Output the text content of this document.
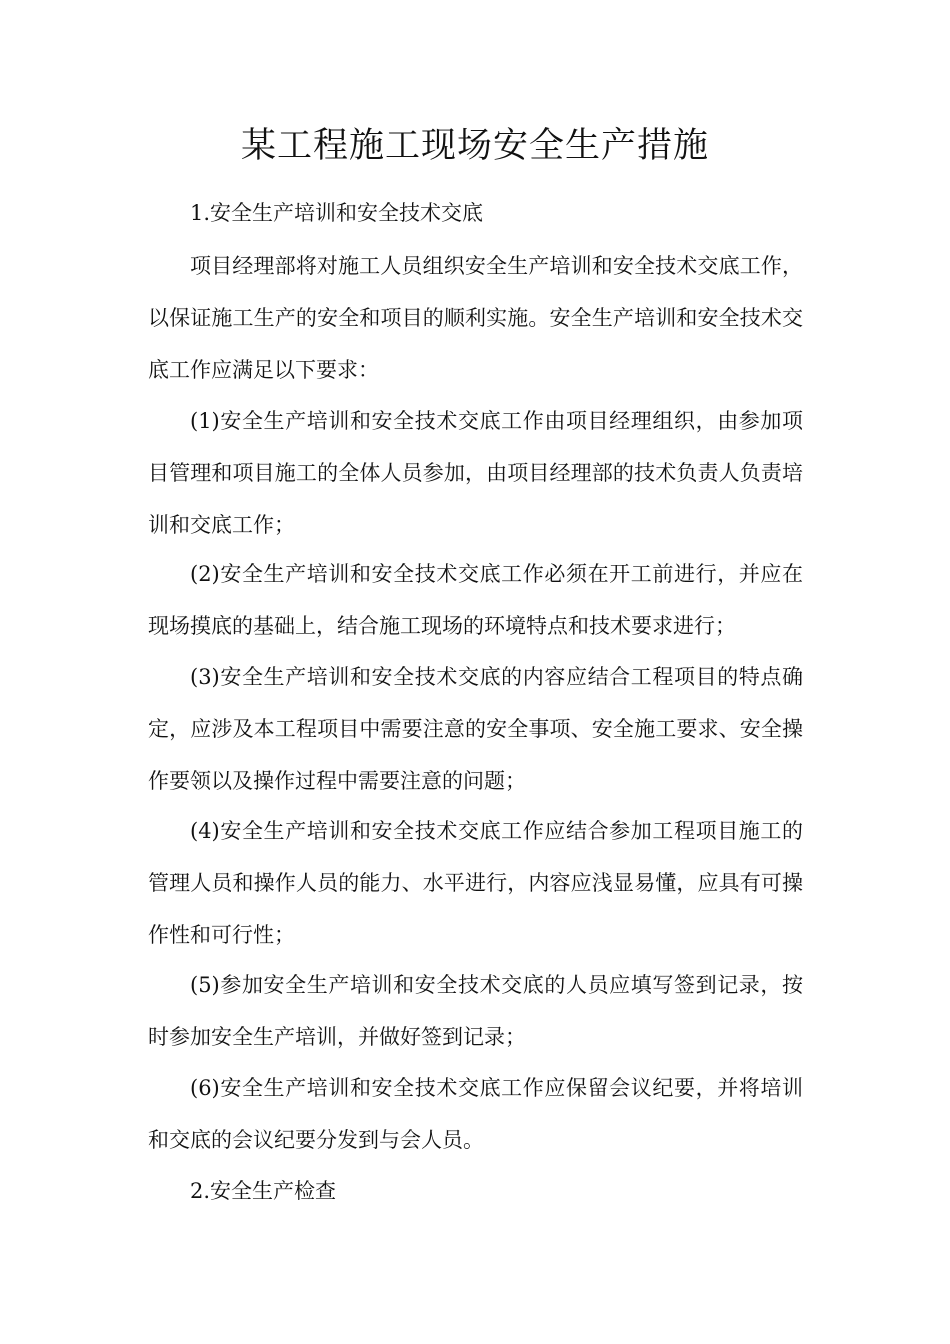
某工程施工现场安全生产措施

1.安全生产培训和安全技术交底

项目经理部将对施工人员组织安全生产培训和安全技术交底工作，以保证施工生产的安全和项目的顺利实施。安全生产培训和安全技术交底工作应满足以下要求：

(1)安全生产培训和安全技术交底工作由项目经理组织，由参加项目管理和项目施工的全体人员参加，由项目经理部的技术负责人负责培训和交底工作；

(2)安全生产培训和安全技术交底工作必须在开工前进行，并应在现场摸底的基础上，结合施工现场的环境特点和技术要求进行；

(3)安全生产培训和安全技术交底的内容应结合工程项目的特点确定，应涉及本工程项目中需要注意的安全事项、安全施工要求、安全操作要领以及操作过程中需要注意的问题；

(4)安全生产培训和安全技术交底工作应结合参加工程项目施工的管理人员和操作人员的能力、水平进行，内容应浅显易懂，应具有可操作性和可行性；

(5)参加安全生产培训和安全技术交底的人员应填写签到记录，按时参加安全生产培训，并做好签到记录；

(6)安全生产培训和安全技术交底工作应保留会议纪要，并将培训和交底的会议纪要分发到与会人员。

2.安全生产检查
